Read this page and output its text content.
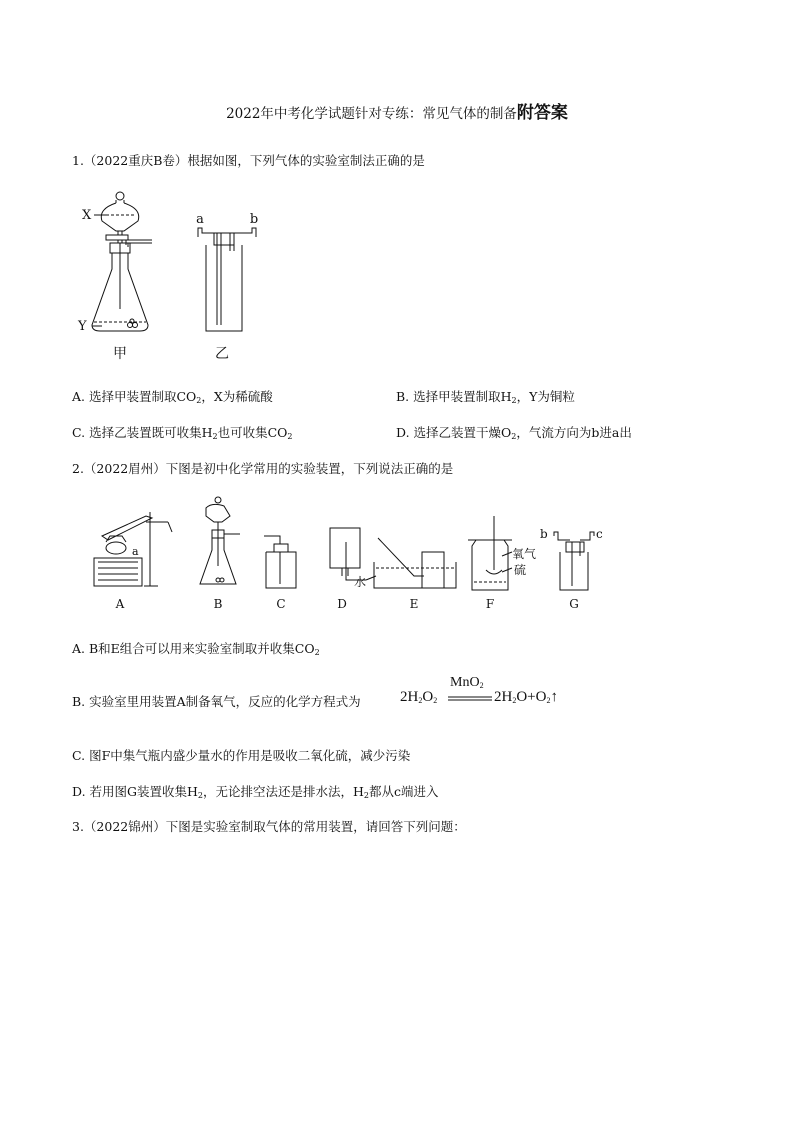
2022年中考化学试题针对专练：常见气体的制备附答案
1.（2022重庆B卷）根据如图，下列气体的实验室制法正确的是
X
Y
甲
a	b
乙
A. 选择甲装置制取$CO_2$，X为稀硫酸	B. 选择甲装置制取$H_2$，Y为铜粒
C. 选择乙装置既可收集$H_2$也可收集$CO_2$	D. 选择乙装置干燥$O_2$，气流方向为b进a出
2.（2022眉州）下图是初中化学常用的实验装置，下列说法正确的是
a
A	B	C	D
水
E
氧气
硫
F
b	c
G
A. B和E组合可以用来实验室制取并收集$CO_2$
B. 实验室里用装置A制备氧气，反应的化学方程式为	$2H_2O_2$
MnO$_2$
$2H_2O+O_2↑$
C. 图F中集气瓶内盛少量水的作用是吸收二氧化硫，减少污染
D. 若用图G装置收集$H_2$，无论排空法还是排水法，$H_2$都从c端进入
3.（2022锦州）下图是实验室制取气体的常用装置，请回答下列问题：
